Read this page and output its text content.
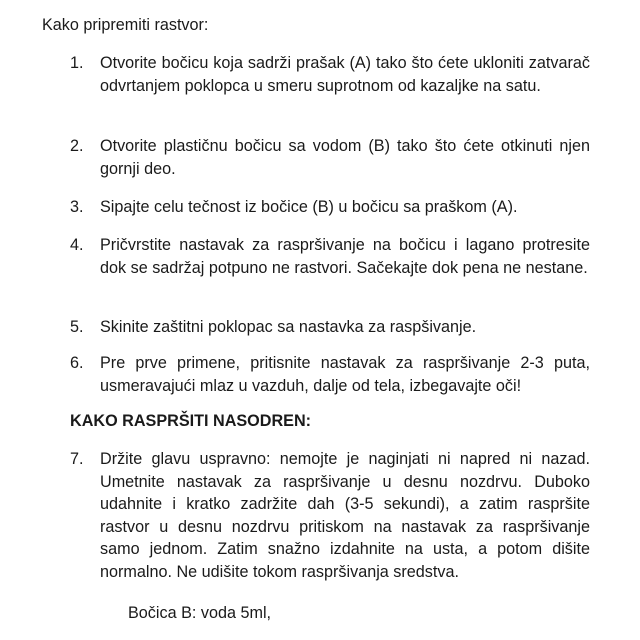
Kako pripremiti rastvor:

1.	Otvorite bočicu koja sadrži prašak (A) tako što ćete ukloniti zatvarač odvrtanjem poklopca u smeru suprotnom od kazaljke na satu.
2.	Otvorite plastičnu bočicu sa vodom (B) tako što ćete otkinuti njen gornji deo.
3.	Sipajte celu tečnost iz bočice (B) u bočicu sa praškom (A).
4.	Pričvrstite nastavak za raspršivanje na bočicu i lagano protresite dok se sadržaj potpuno ne rastvori. Sačekajte dok pena ne nestane.
5.	Skinite zaštitni poklopac sa nastavka za raspšivanje.
6.	Pre prve primene, pritisnite nastavak za raspršivanje 2-3 puta, usmeravajući mlaz u vazduh, dalje od tela, izbegavajte oči!

KAKO RASPRŠITI NASODREN:

7.	Držite glavu uspravno: nemojte je naginjati ni napred ni nazad. Umetnite nastavak za raspršivanje u desnu nozdrvu. Duboko udahnite i kratko zadržite dah (3-5 sekundi), a zatim raspršite rastvor u desnu nozdrvu pritiskom na nastavak za raspršivanje samo jednom. Zatim snažno izdahnite na usta, a potom dišite normalno. Ne udišite tokom raspršivanja sredstva.

Bočica B: voda 5ml,
